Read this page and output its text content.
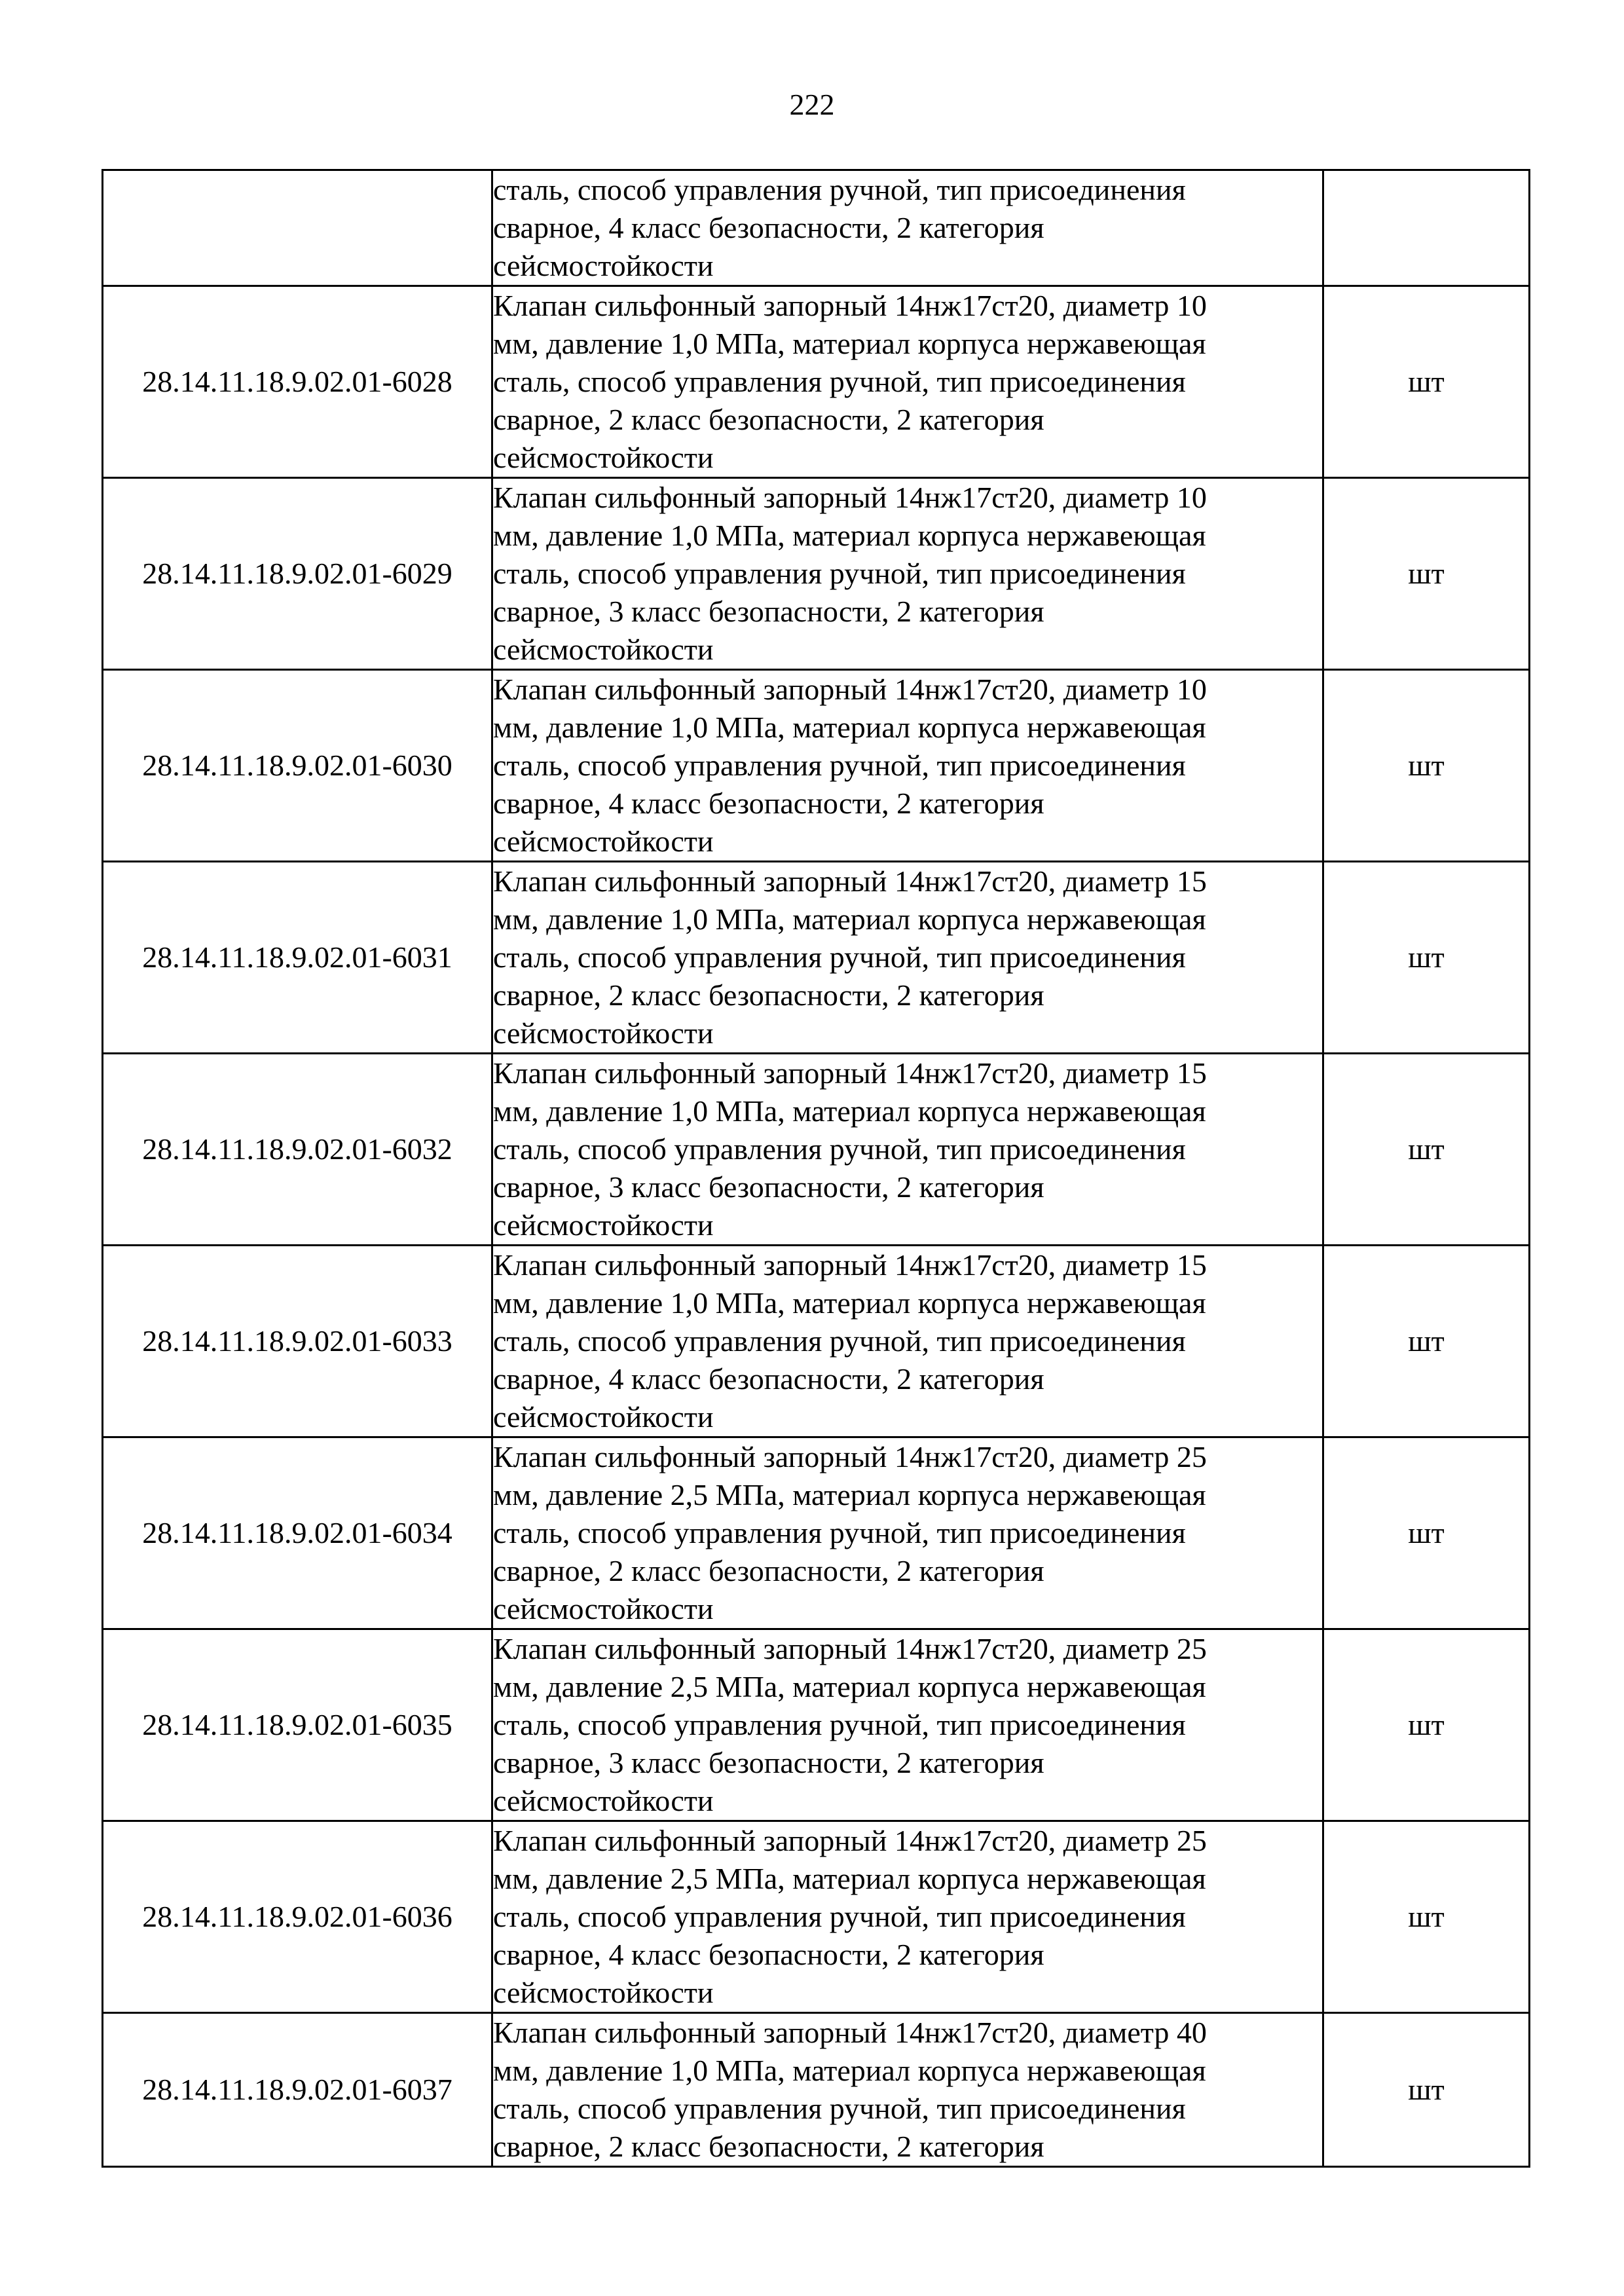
222

	сталь, способ управления ручной, тип присоединения
сварное, 4 класс безопасности, 2 категория
сейсмостойкости	

28.14.11.18.9.02.01-6028	Клапан сильфонный запорный 14нж17ст20, диаметр 10
мм, давление 1,0 МПа, материал корпуса нержавеющая
сталь, способ управления ручной, тип присоединения
сварное, 2 класс безопасности, 2 категория
сейсмостойкости	шт
28.14.11.18.9.02.01-6029	Клапан сильфонный запорный 14нж17ст20, диаметр 10
мм, давление 1,0 МПа, материал корпуса нержавеющая
сталь, способ управления ручной, тип присоединения
сварное, 3 класс безопасности, 2 категория
сейсмостойкости	шт
28.14.11.18.9.02.01-6030	Клапан сильфонный запорный 14нж17ст20, диаметр 10
мм, давление 1,0 МПа, материал корпуса нержавеющая
сталь, способ управления ручной, тип присоединения
сварное, 4 класс безопасности, 2 категория
сейсмостойкости	шт
28.14.11.18.9.02.01-6031	Клапан сильфонный запорный 14нж17ст20, диаметр 15
мм, давление 1,0 МПа, материал корпуса нержавеющая
сталь, способ управления ручной, тип присоединения
сварное, 2 класс безопасности, 2 категория
сейсмостойкости	шт
28.14.11.18.9.02.01-6032	Клапан сильфонный запорный 14нж17ст20, диаметр 15
мм, давление 1,0 МПа, материал корпуса нержавеющая
сталь, способ управления ручной, тип присоединения
сварное, 3 класс безопасности, 2 категория
сейсмостойкости	шт
28.14.11.18.9.02.01-6033	Клапан сильфонный запорный 14нж17ст20, диаметр 15
мм, давление 1,0 МПа, материал корпуса нержавеющая
сталь, способ управления ручной, тип присоединения
сварное, 4 класс безопасности, 2 категория
сейсмостойкости	шт
28.14.11.18.9.02.01-6034	Клапан сильфонный запорный 14нж17ст20, диаметр 25
мм, давление 2,5 МПа, материал корпуса нержавеющая
сталь, способ управления ручной, тип присоединения
сварное, 2 класс безопасности, 2 категория
сейсмостойкости	шт
28.14.11.18.9.02.01-6035	Клапан сильфонный запорный 14нж17ст20, диаметр 25
мм, давление 2,5 МПа, материал корпуса нержавеющая
сталь, способ управления ручной, тип присоединения
сварное, 3 класс безопасности, 2 категория
сейсмостойкости	шт
28.14.11.18.9.02.01-6036	Клапан сильфонный запорный 14нж17ст20, диаметр 25
мм, давление 2,5 МПа, материал корпуса нержавеющая
сталь, способ управления ручной, тип присоединения
сварное, 4 класс безопасности, 2 категория
сейсмостойкости	шт
28.14.11.18.9.02.01-6037	Клапан сильфонный запорный 14нж17ст20, диаметр 40
мм, давление 1,0 МПа, материал корпуса нержавеющая
сталь, способ управления ручной, тип присоединения
сварное, 2 класс безопасности, 2 категория	шт
